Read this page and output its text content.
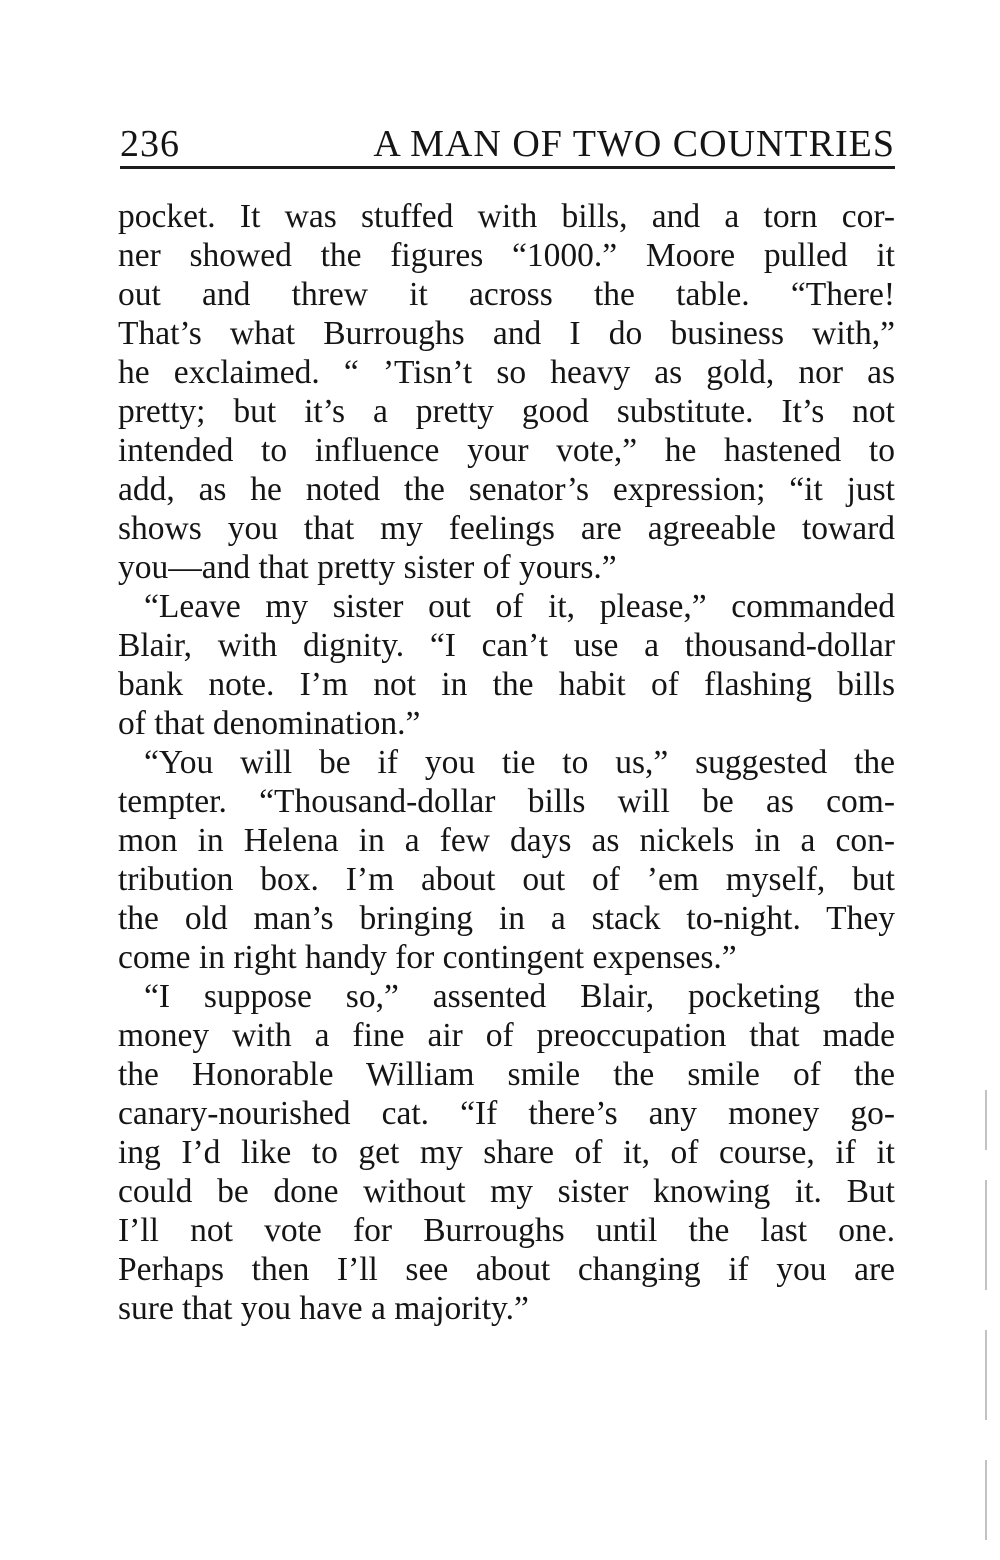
236	A MAN OF TWO COUNTRIES
pocket. It was stuffed with bills, and a torn cor-
ner showed the figures “1000.” Moore pulled it
out and threw it across the table. “There!
That’s what Burroughs and I do business with,”
he exclaimed. “ ’Tisn’t so heavy as gold, nor as
pretty; but it’s a pretty good substitute. It’s not
intended to influence your vote,” he hastened to
add, as he noted the senator’s expression; “it just
shows you that my feelings are agreeable toward
you—and that pretty sister of yours.”
“Leave my sister out of it, please,” commanded
Blair, with dignity. “I can’t use a thousand-dollar
bank note. I’m not in the habit of flashing bills
of that denomination.”
“You will be if you tie to us,” suggested the
tempter. “Thousand-dollar bills will be as com-
mon in Helena in a few days as nickels in a con-
tribution box. I’m about out of ’em myself, but
the old man’s bringing in a stack to-night. They
come in right handy for contingent expenses.”
“I suppose so,” assented Blair, pocketing the
money with a fine air of preoccupation that made
the Honorable William smile the smile of the
canary-nourished cat. “If there’s any money go-
ing I’d like to get my share of it, of course, if it
could be done without my sister knowing it. But
I’ll not vote for Burroughs until the last one.
Perhaps then I’ll see about changing if you are
sure that you have a majority.”
